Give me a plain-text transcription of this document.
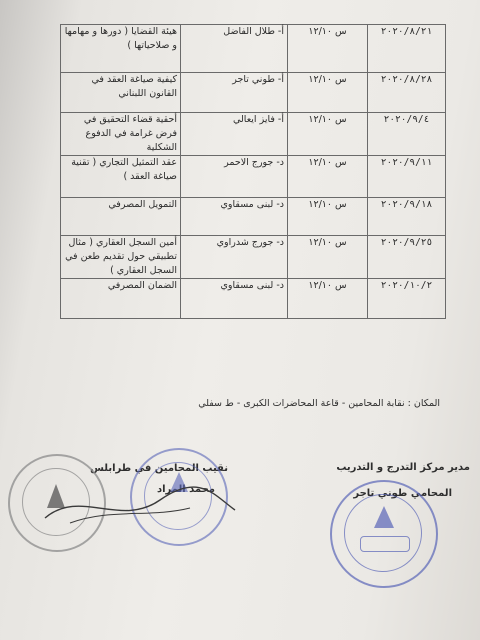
٢٠٢٠/٨/٢١	س ١٢/١٠	أ- طلال الفاضل	هيئة القضايا ( دورها و مهامها و صلاحياتها )
٢٠٢٠/٨/٢٨	س ١٢/١٠	أ- طوني تاجر	كيفية صياغة العقد في القانون اللبناني
٢٠٢٠/٩/٤	س ١٢/١٠	أ- فايز ايعالي	أحقية قضاء التحقيق في فرض غرامة في الدفوع الشكلية
٢٠٢٠/٩/١١	س ١٢/١٠	د- جورج الاحمر	عقد التمثيل التجاري ( تقنية صياغة العقد )
٢٠٢٠/٩/١٨	س ١٢/١٠	د- لبنى مسقاوي	التمويل المصرفي
٢٠٢٠/٩/٢٥	س ١٢/١٠	د- جورج شدراوي	أمين السجل العقاري ( مثال تطبيقي حول تقديم طعن في السجل العقاري )
٢٠٢٠/١٠/٢	س ١٢/١٠	د- لبنى مسقاوي	الضمان المصرفي
المكان : نقابة المحامين - قاعة المحاضرات الكبرى - ط سفلي
مدير مركز التدرج و التدريب
المحامي طوني تاجر
نقيب المحامين في طرابلس
محمد المراد
